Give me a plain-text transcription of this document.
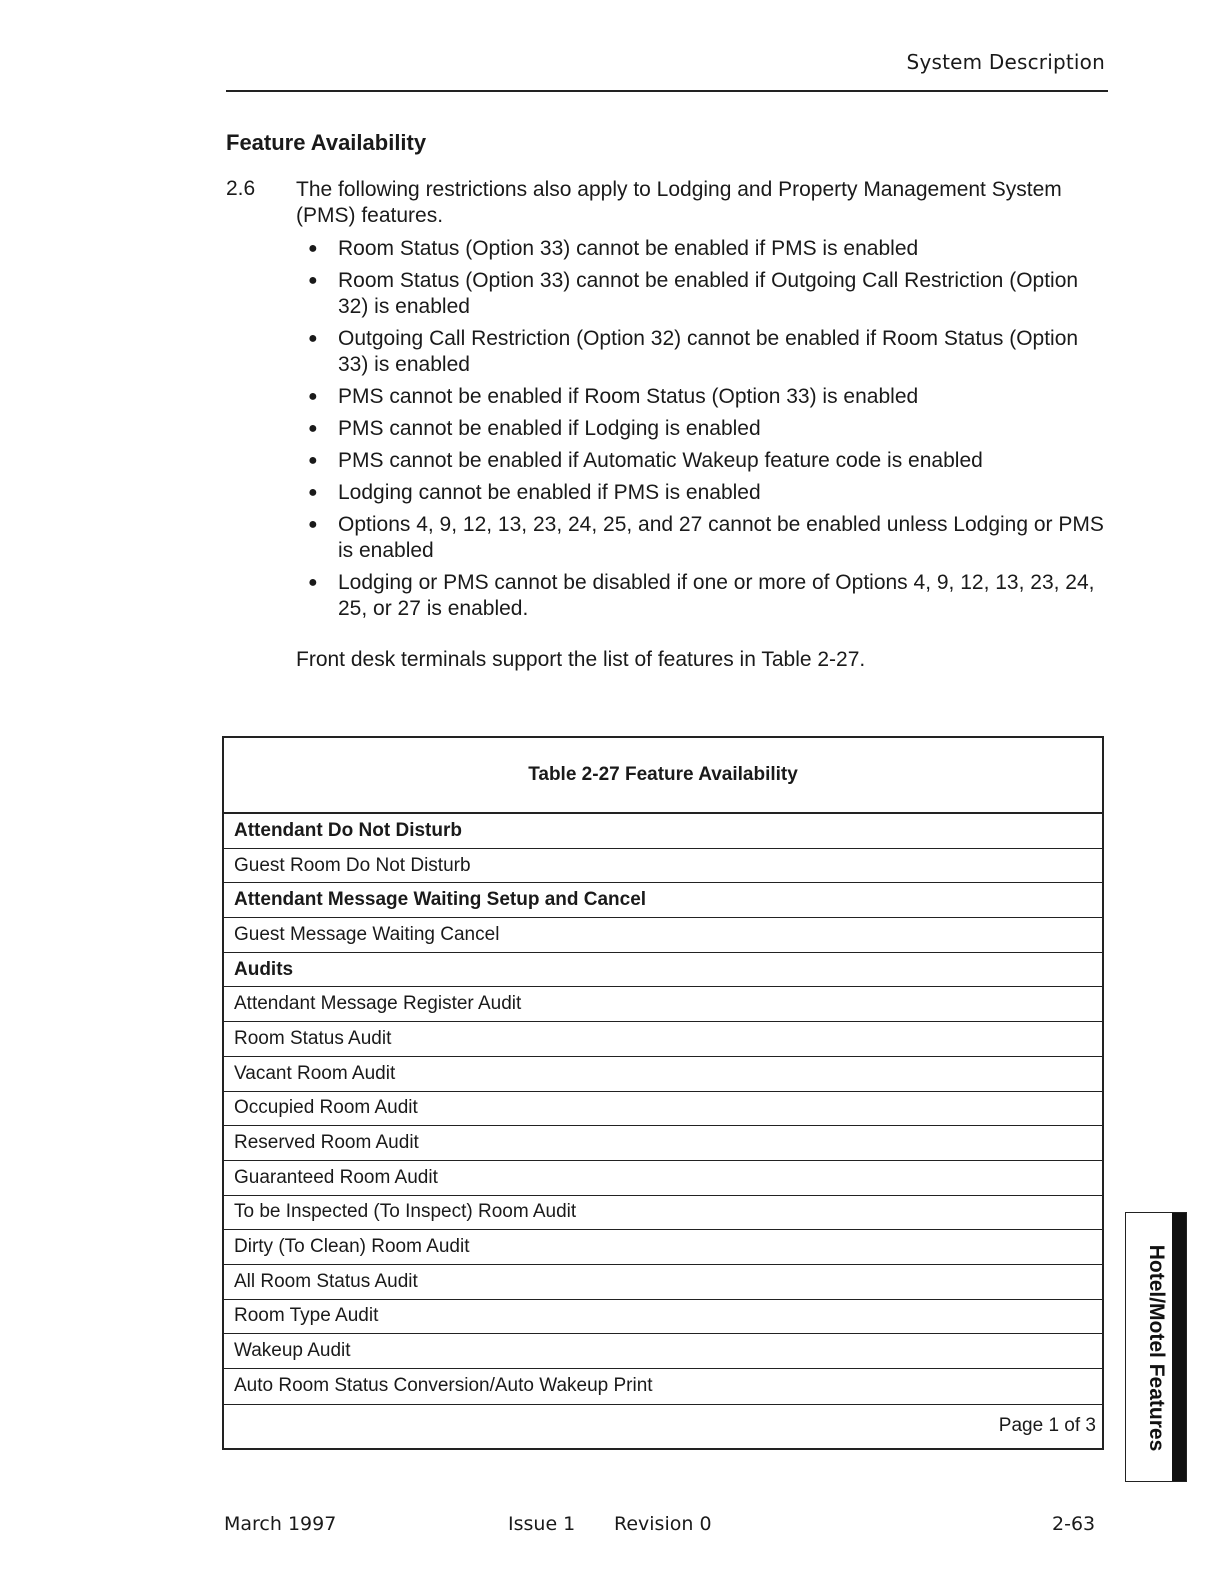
System Description
Feature Availability
2.6 The following restrictions also apply to Lodging and Property Management System (PMS) features.
● Room Status (Option 33) cannot be enabled if PMS is enabled
● Room Status (Option 33) cannot be enabled if Outgoing Call Restriction (Option 32) is enabled
● Outgoing Call Restriction (Option 32) cannot be enabled if Room Status (Option 33) is enabled
● PMS cannot be enabled if Room Status (Option 33) is enabled
● PMS cannot be enabled if Lodging is enabled
● PMS cannot be enabled if Automatic Wakeup feature code is enabled
● Lodging cannot be enabled if PMS is enabled
● Options 4, 9, 12, 13, 23, 24, 25, and 27 cannot be enabled unless Lodging or PMS is enabled
● Lodging or PMS cannot be disabled if one or more of Options 4, 9, 12, 13, 23, 24, 25, or 27 is enabled.
Front desk terminals support the list of features in Table 2-27.
Table 2-27 Feature Availability
Attendant Do Not Disturb
Guest Room Do Not Disturb
Attendant Message Waiting Setup and Cancel
Guest Message Waiting Cancel
Audits
Attendant Message Register Audit
Room Status Audit
Vacant Room Audit
Occupied Room Audit
Reserved Room Audit
Guaranteed Room Audit
To be Inspected (To Inspect) Room Audit
Dirty (To Clean) Room Audit
All Room Status Audit
Room Type Audit
Wakeup Audit
Auto Room Status Conversion/Auto Wakeup Print
Page 1 of 3 Hotel/Motel Features
March 1997	Issue 1 Revision 0	2-63
